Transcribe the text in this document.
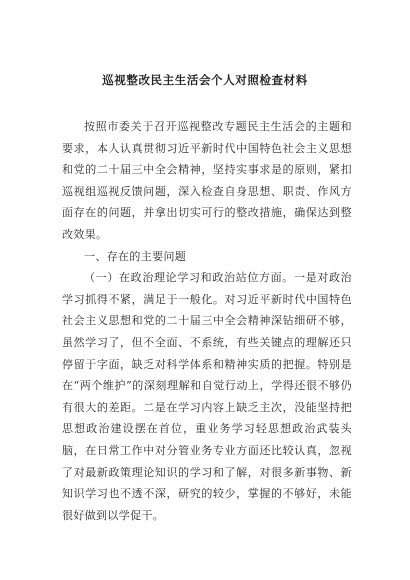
巡视整改民主生活会个人对照检查材料

按照市委关于召开巡视整改专题民主生活会的主题和要求，本人认真贯彻习近平新时代中国特色社会主义思想和党的二十届三中全会精神，坚持实事求是的原则，紧扣巡视组巡视反馈问题，深入检查自身思想、职责、作风方面存在的问题，并拿出切实可行的整改措施，确保达到整改效果。

一、存在的主要问题

（一）在政治理论学习和政治站位方面。一是对政治学习抓得不紧，满足于一般化。对习近平新时代中国特色社会主义思想和党的二十届三中全会精神深钻细研不够，虽然学习了，但不全面、不系统，有些关键点的理解还只停留于字面，缺乏对科学体系和精神实质的把握。特别是在“两个维护”的深刻理解和自觉行动上，学得还很不够仍有很大的差距。二是在学习内容上缺乏主次，没能坚持把思想政治建设摆在首位，重业务学习轻思想政治武装头脑，在日常工作中对分管业务专业方面还比较认真，忽视了对最新政策理论知识的学习和了解，对很多新事物、新知识学习也不透不深，研究的较少，掌握的不够好，未能很好做到以学促干。
